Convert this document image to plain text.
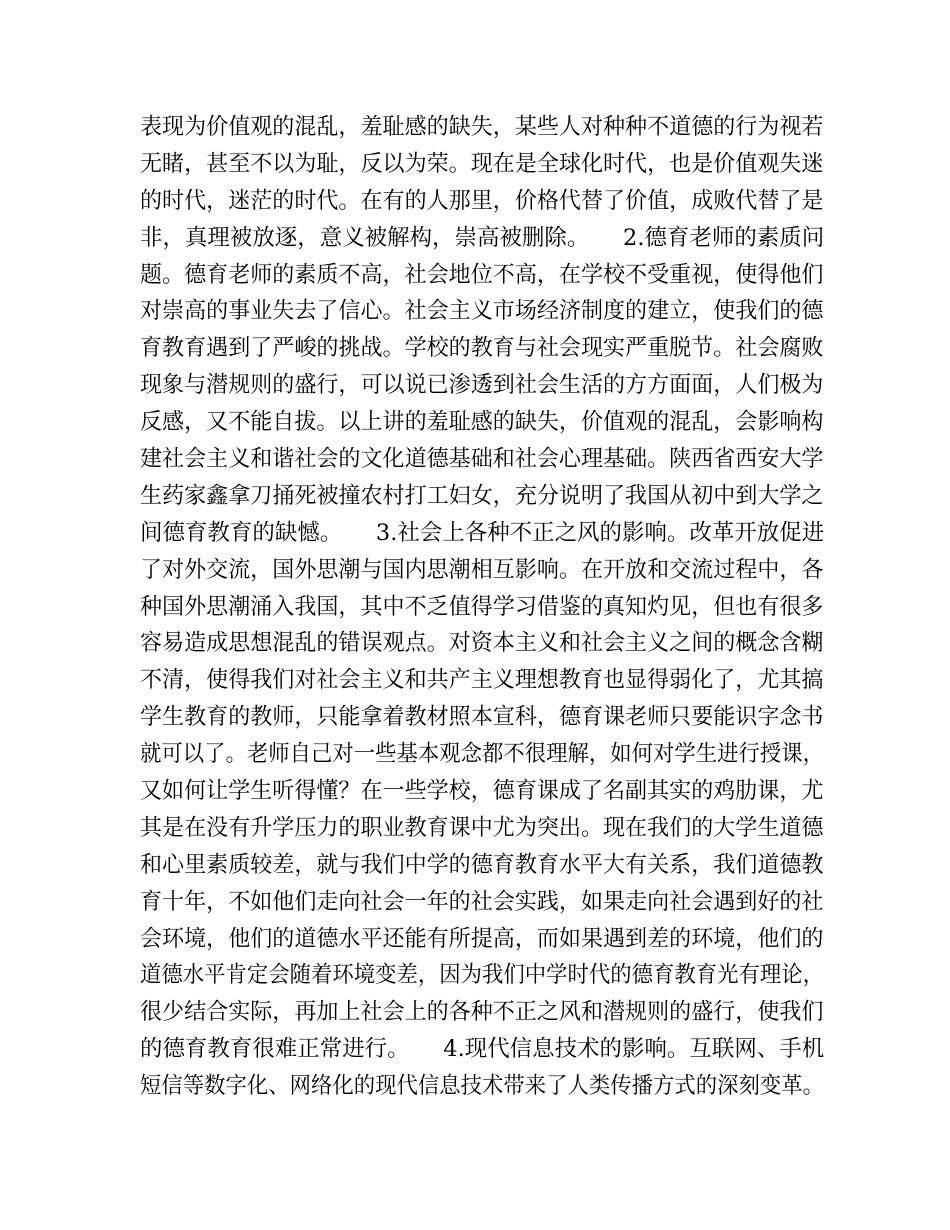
表现为价值观的混乱，羞耻感的缺失，某些人对种种不道德的行为视若
无睹，甚至不以为耻，反以为荣。现在是全球化时代，也是价值观失迷
的时代，迷茫的时代。在有的人那里，价格代替了价值，成败代替了是
非，真理被放逐，意义被解构，崇高被删除。　　2.德育老师的素质问
题。德育老师的素质不高，社会地位不高，在学校不受重视，使得他们
对崇高的事业失去了信心。社会主义市场经济制度的建立，使我们的德
育教育遇到了严峻的挑战。学校的教育与社会现实严重脱节。社会腐败
现象与潜规则的盛行，可以说已渗透到社会生活的方方面面，人们极为
反感，又不能自拔。以上讲的羞耻感的缺失，价值观的混乱，会影响构
建社会主义和谐社会的文化道德基础和社会心理基础。陕西省西安大学
生药家鑫拿刀捅死被撞农村打工妇女，充分说明了我国从初中到大学之
间德育教育的缺憾。　　3.社会上各种不正之风的影响。改革开放促进
了对外交流，国外思潮与国内思潮相互影响。在开放和交流过程中，各
种国外思潮涌入我国，其中不乏值得学习借鉴的真知灼见，但也有很多
容易造成思想混乱的错误观点。对资本主义和社会主义之间的概念含糊
不清，使得我们对社会主义和共产主义理想教育也显得弱化了，尤其搞
学生教育的教师，只能拿着教材照本宣科，德育课老师只要能识字念书
就可以了。老师自己对一些基本观念都不很理解，如何对学生进行授课，
又如何让学生听得懂？在一些学校，德育课成了名副其实的鸡肋课，尤
其是在没有升学压力的职业教育课中尤为突出。现在我们的大学生道德
和心里素质较差，就与我们中学的德育教育水平大有关系，我们道德教
育十年，不如他们走向社会一年的社会实践，如果走向社会遇到好的社
会环境，他们的道德水平还能有所提高，而如果遇到差的环境，他们的
道德水平肯定会随着环境变差，因为我们中学时代的德育教育光有理论，
很少结合实际，再加上社会上的各种不正之风和潜规则的盛行，使我们
的德育教育很难正常进行。　　4.现代信息技术的影响。互联网、手机
短信等数字化、网络化的现代信息技术带来了人类传播方式的深刻变革。
